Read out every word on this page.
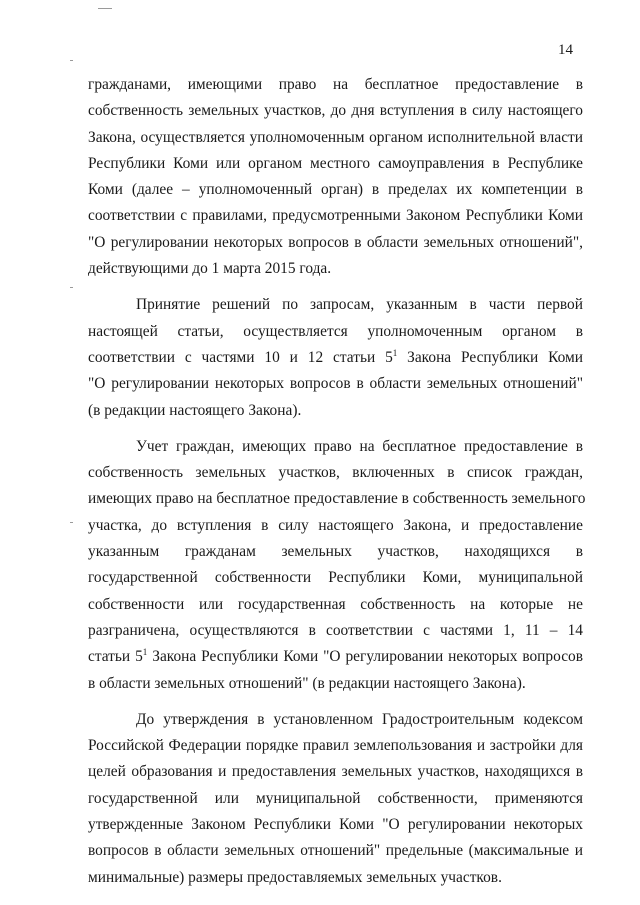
14
гражданами, имеющими право на бесплатное предоставление в
собственность земельных участков, до дня вступления в силу настоящего
Закона, осуществляется уполномоченным органом исполнительной власти
Республики Коми или органом местного самоуправления в Республике
Коми (далее – уполномоченный орган) в пределах их компетенции в
соответствии с правилами, предусмотренными Законом Республики Коми
"О регулировании некоторых вопросов в области земельных отношений",
действующими до 1 марта 2015 года.
Принятие решений по запросам, указанным в части первой
настоящей статьи, осуществляется уполномоченным органом в
соответствии с частями 10 и 12 статьи $5^1$ Закона Республики Коми
"О регулировании некоторых вопросов в области земельных отношений"
(в редакции настоящего Закона).
Учет граждан, имеющих право на бесплатное предоставление в
собственность земельных участков, включенных в список граждан,
имеющих право на бесплатное предоставление в собственность земельного
участка, до вступления в силу настоящего Закона, и предоставление
указанным гражданам земельных участков, находящихся в
государственной собственности Республики Коми, муниципальной
собственности или государственная собственность на которые не
разграничена, осуществляются в соответствии с частями 1, 11 – 14
статьи $5^1$ Закона Республики Коми "О регулировании некоторых вопросов
в области земельных отношений" (в редакции настоящего Закона).
До утверждения в установленном Градостроительным кодексом
Российской Федерации порядке правил землепользования и застройки для
целей образования и предоставления земельных участков, находящихся в
государственной или муниципальной собственности, применяются
утвержденные Законом Республики Коми "О регулировании некоторых
вопросов в области земельных отношений" предельные (максимальные и
минимальные) размеры предоставляемых земельных участков.
